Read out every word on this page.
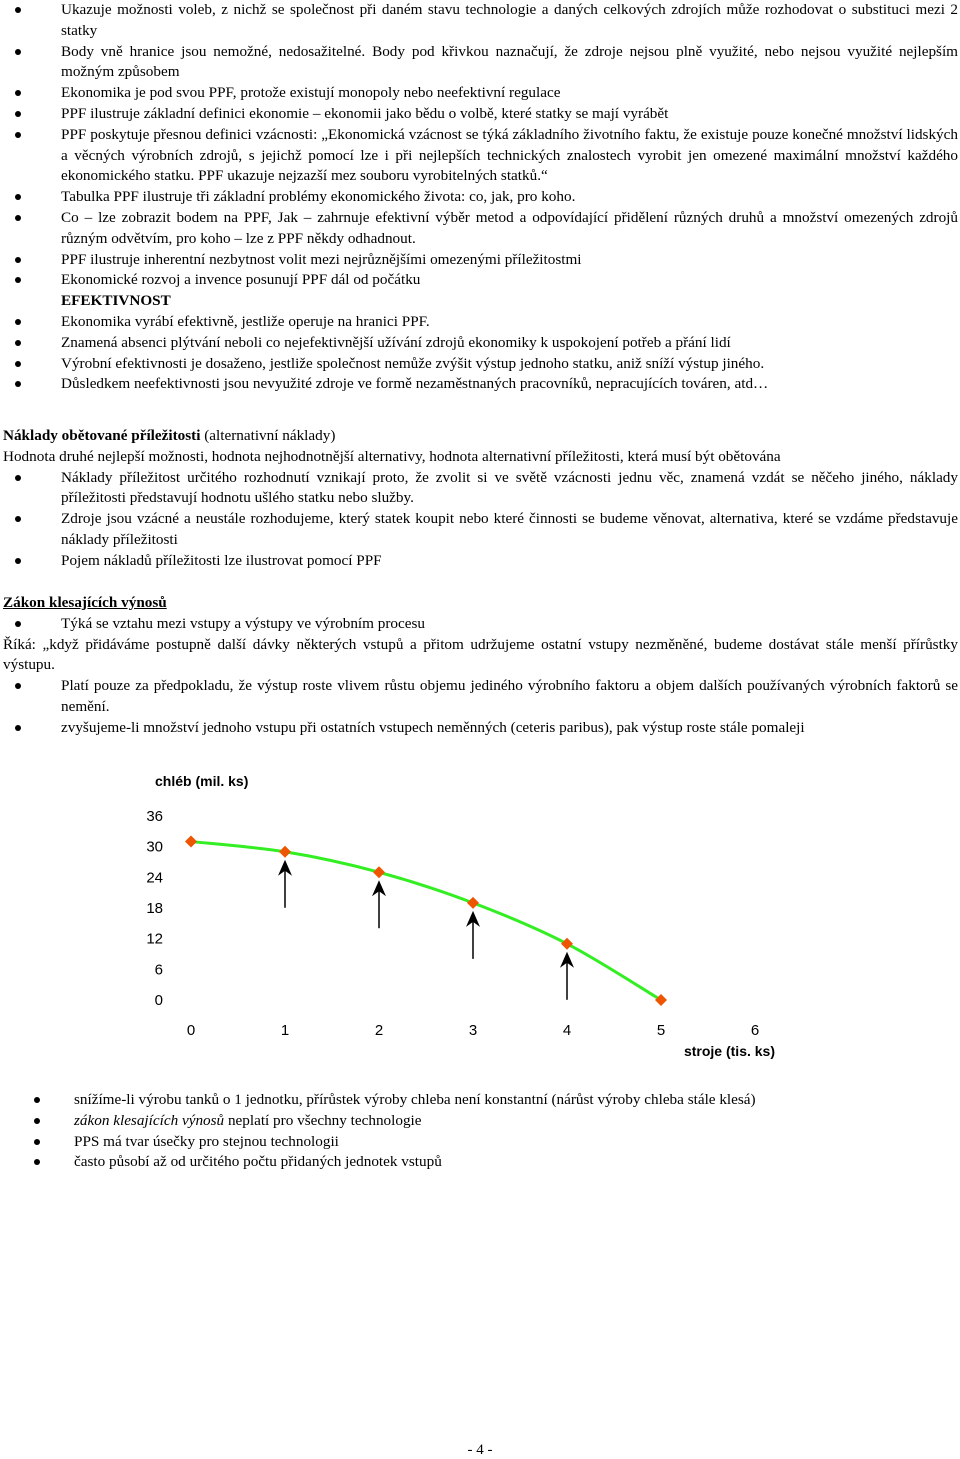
Ukazuje možnosti voleb, z nichž se společnost při daném stavu technologie a daných celkových zdrojích může rozhodovat o substituci mezi 2 statky
Body vně hranice jsou nemožné, nedosažitelné. Body pod křivkou naznačují, že zdroje nejsou plně využité, nebo nejsou využité nejlepším možným způsobem
Ekonomika je pod svou PPF, protože existují monopoly nebo neefektivní regulace
PPF ilustruje základní definici ekonomie – ekonomii jako bědu o volbě, které statky se mají vyrábět
PPF poskytuje přesnou definici vzácnosti: „Ekonomická vzácnost se týká základního životního faktu, že existuje pouze konečné množství lidských a věcných výrobních zdrojů, s jejichž pomocí lze i při nejlepších technických znalostech vyrobit jen omezené maximální množství každého ekonomického statku. PPF ukazuje nejzazší mez souboru vyrobitelných statků.“
Tabulka PPF ilustruje tři základní problémy ekonomického života: co, jak, pro koho.
Co – lze zobrazit bodem na PPF, Jak – zahrnuje efektivní výběr metod a odpovídající přidělení různých druhů a množství omezených zdrojů různým odvětvím, pro koho – lze z PPF někdy odhadnout.
PPF ilustruje inherentní nezbytnost volit mezi nejrůznějšími omezenými příležitostmi
Ekonomické rozvoj a invence posunují PPF dál od počátku
EFEKTIVNOST
Ekonomika vyrábí efektivně, jestliže operuje na hranici PPF.
Znamená absenci plýtvání neboli co nejefektivnější užívání zdrojů ekonomiky k uspokojení potřeb a přání lidí
Výrobní efektivnosti je dosaženo, jestliže společnost nemůže zvýšit výstup jednoho statku, aniž sníží výstup jiného.
Důsledkem neefektivnosti jsou nevyužité zdroje ve formě nezaměstnaných pracovníků, nepracujících továren, atd…
Náklady obětované příležitosti (alternativní náklady)
Hodnota druhé nejlepší možnosti, hodnota nejhodnotnější alternativy, hodnota alternativní příležitosti, která musí být obětována
Náklady příležitost určitého rozhodnutí vznikají proto, že zvolit si ve světě vzácnosti jednu věc, znamená vzdát se něčeho jiného, náklady příležitosti představují hodnotu ušlého statku nebo služby.
Zdroje jsou vzácné a neustále rozhodujeme, který statek koupit nebo které činnosti se budeme věnovat, alternativa, které se vzdáme představuje náklady příležitosti
Pojem nákladů příležitosti lze ilustrovat pomocí PPF
Zákon klesajících výnosů
Týká se vztahu mezi vstupy a výstupy ve výrobním procesu
Říká: „když přidáváme postupně další dávky některých vstupů a přitom udržujeme ostatní vstupy nezměněné, budeme dostávat stále menší přírůstky výstupu.
Platí pouze za předpokladu, že výstup roste vlivem růstu objemu jediného výrobního faktoru a objem dalších používaných výrobních faktorů se nemění.
zvyšujeme-li množství jednoho vstupu při ostatních vstupech neměnných (ceteris paribus), pak výstup roste stále pomaleji
chléb (mil. ks)
stroje (tis. ks)
36
30
24
18
12
6
0
0	1	2	3	4	5	6
snížíme-li výrobu tanků o 1 jednotku, přírůstek výroby chleba není konstantní (nárůst výroby chleba stále klesá)
zákon klesajících výnosů neplatí pro všechny technologie
PPS má tvar úsečky pro stejnou technologii
často působí až od určitého počtu přidaných jednotek vstupů
- 4 -
